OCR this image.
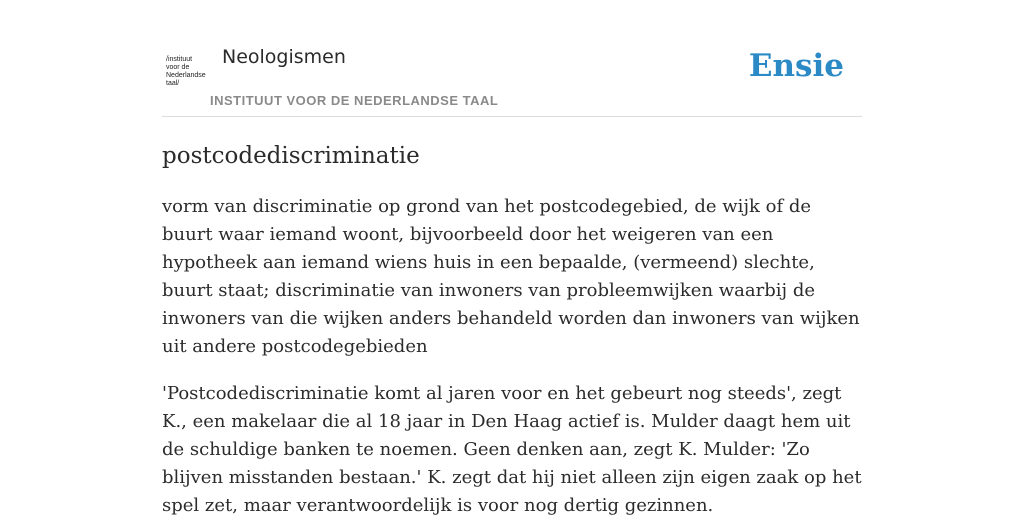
/instituut
voor de
Nederlandse
taal/
Neologismen
INSTITUUT VOOR DE NEDERLANDSE TAAL
Ensie
postcodediscriminatie

vorm van discriminatie op grond van het postcodegebied, de wijk of de buurt waar iemand woont, bijvoorbeeld door het weigeren van een hypotheek aan iemand wiens huis in een bepaalde, (vermeend) slechte, buurt staat; discriminatie van inwoners van probleemwijken waarbij de inwoners van die wijken anders behandeld worden dan inwoners van wijken uit andere postcodegebieden

'Postcodediscriminatie komt al jaren voor en het gebeurt nog steeds', zegt K., een makelaar die al 18 jaar in Den Haag actief is. Mulder daagt hem uit de schuldige banken te noemen. Geen denken aan, zegt K. Mulder: 'Zo blijven misstanden bestaan.' K. zegt dat hij niet alleen zijn eigen zaak op het spel zet, maar verantwoordelijk is voor nog dertig gezinnen.
